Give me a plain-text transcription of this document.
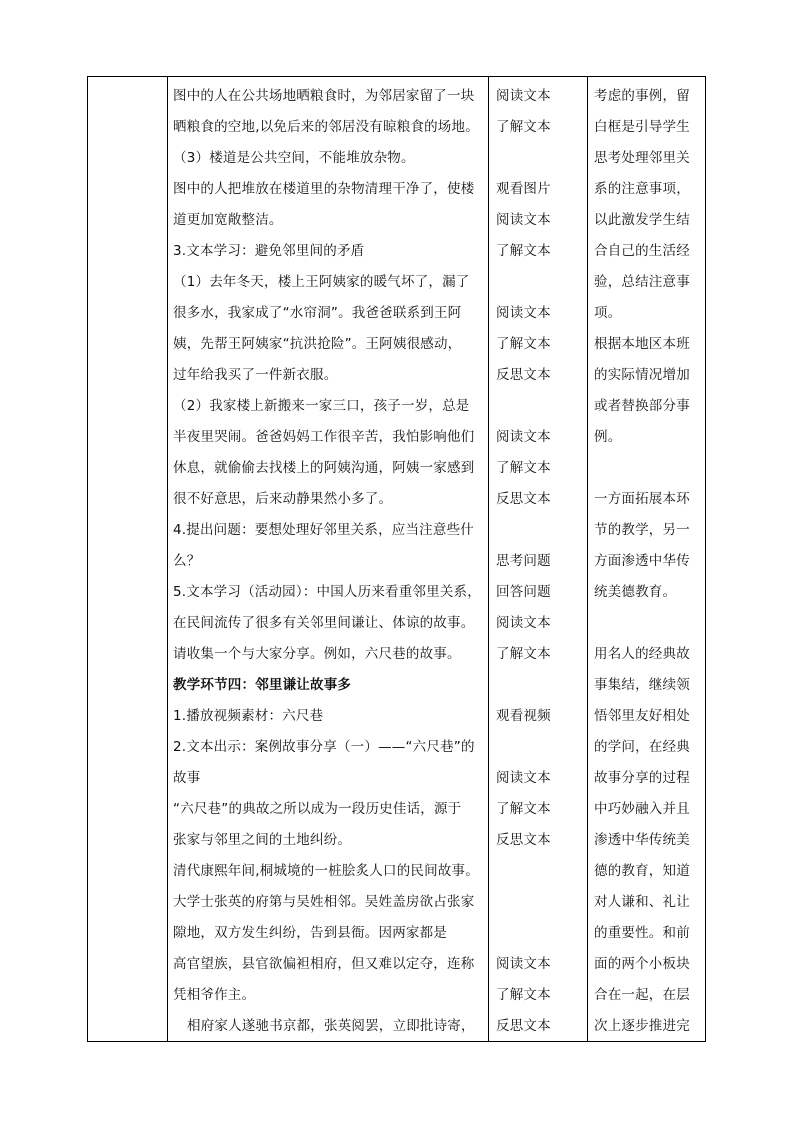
图中的人在公共场地晒粮食时，为邻居家留了一块
晒粮食的空地,以免后来的邻居没有晾粮食的场地。
（3）楼道是公共空间，不能堆放杂物。
图中的人把堆放在楼道里的杂物清理干净了，使楼
道更加宽敞整洁。
3.文本学习：避免邻里间的矛盾
（1）去年冬天，楼上王阿姨家的暖气坏了，漏了
很多水，我家成了“水帘洞”。我爸爸联系到王阿
姨，先帮王阿姨家“抗洪抢险”。王阿姨很感动，
过年给我买了一件新衣服。
（2）我家楼上新搬来一家三口，孩子一岁，总是
半夜里哭闹。爸爸妈妈工作很辛苦，我怕影响他们
休息，就偷偷去找楼上的阿姨沟通，阿姨一家感到
很不好意思，后来动静果然小多了。
4.提出问题：要想处理好邻里关系，应当注意些什
么？
5.文本学习（活动园）：中国人历来看重邻里关系，
在民间流传了很多有关邻里间谦让、体谅的故事。
请收集一个与大家分享。例如，六尺巷的故事。
教学环节四：邻里谦让故事多
1.播放视频素材：六尺巷
2.文本出示：案例故事分享（一）——“六尺巷”的
故事
“六尺巷”的典故之所以成为一段历史佳话，源于
张家与邻里之间的土地纠纷。
清代康熙年间,桐城境的一桩脍炙人口的民间故事。
大学士张英的府第与吴姓相邻。吴姓盖房欲占张家
隙地，双方发生纠纷，告到县衙。因两家都是
高官望族，县官欲偏袒相府，但又难以定夺，连称
凭相爷作主。
相府家人遂驰书京都，张英阅罢，立即批诗寄，
阅读文本
了解文本
观看图片
阅读文本
了解文本
阅读文本
了解文本
反思文本
阅读文本
了解文本
反思文本
思考问题
回答问题
阅读文本
了解文本
观看视频
阅读文本
了解文本
反思文本
阅读文本
了解文本
反思文本
考虑的事例，留
白框是引导学生
思考处理邻里关
系的注意事项，
以此激发学生结
合自己的生活经
验，总结注意事
项。
根据本地区本班
的实际情况增加
或者替换部分事
例。
一方面拓展本环
节的教学，另一
方面渗透中华传
统美德教育。
用名人的经典故
事集结，继续领
悟邻里友好相处
的学问，在经典
故事分享的过程
中巧妙融入并且
渗透中华传统美
德的教育，知道
对人谦和、礼让
的重要性。和前
面的两个小板块
合在一起，在层
次上逐步推进完
